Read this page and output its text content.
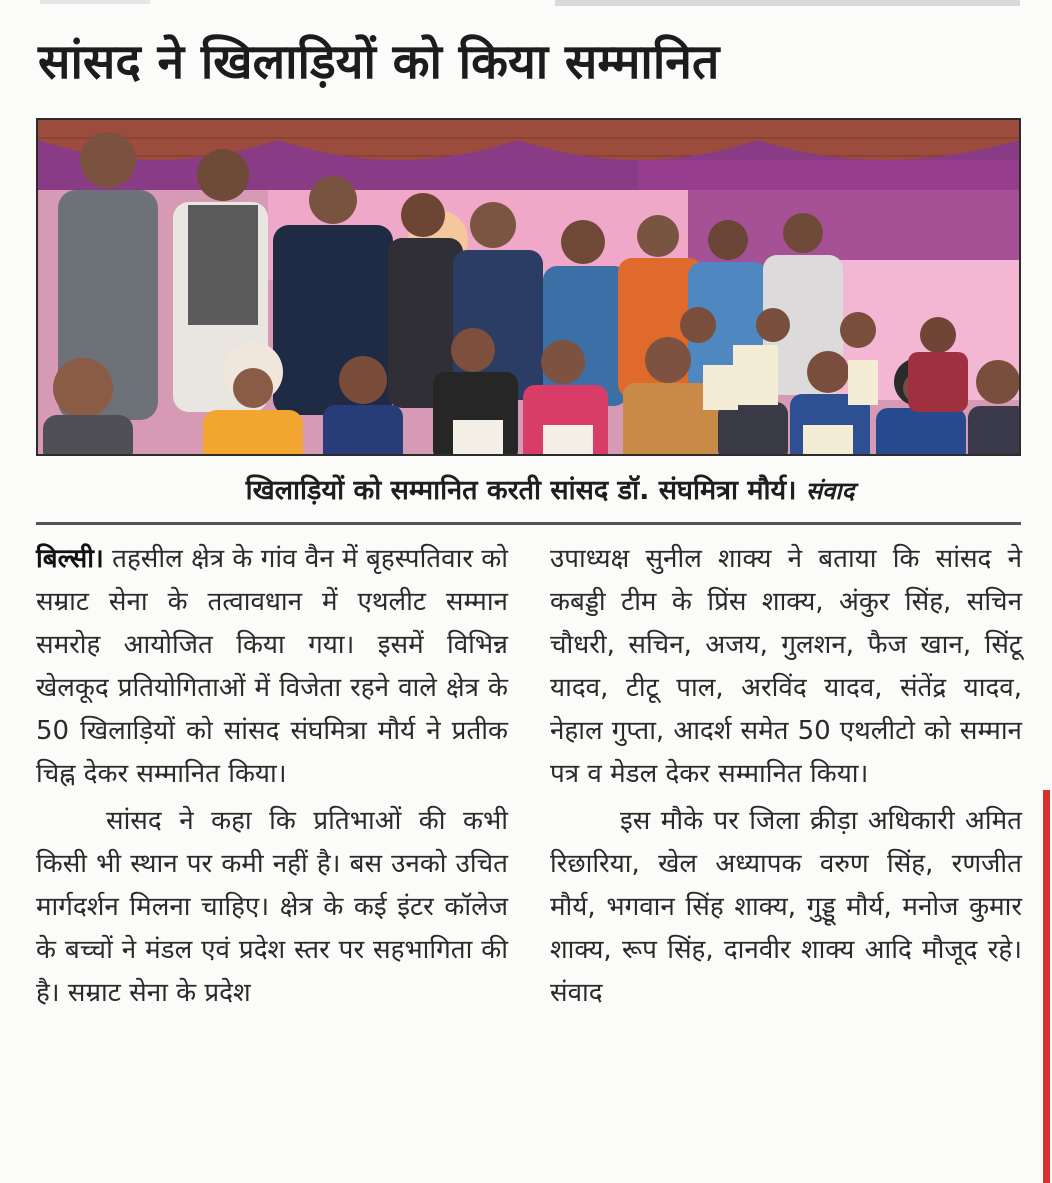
सांसद ने खिलाड़ियों को किया सम्मानित
खिलाड़ियों को सम्मानित करती सांसद डॉ. संघमित्रा मौर्य। संवाद

बिल्सी। तहसील क्षेत्र के गांव वैन में बृहस्पतिवार को सम्राट सेना के तत्वावधान में एथलीट सम्मान समरोह आयोजित किया गया। इसमें विभिन्न खेलकूद प्रतियोगिताओं में विजेता रहने वाले क्षेत्र के 50 खिलाड़ियों को सांसद संघमित्रा मौर्य ने प्रतीक चिह्न देकर सम्मानित किया।

सांसद ने कहा कि प्रतिभाओं की कभी किसी भी स्थान पर कमी नहीं है। बस उनको उचित मार्गदर्शन मिलना चाहिए। क्षेत्र के कई इंटर कॉलेज के बच्चों ने मंडल एवं प्रदेश स्तर पर सहभागिता की है। सम्राट सेना के प्रदेश

उपाध्यक्ष सुनील शाक्य ने बताया कि सांसद ने कबड्डी टीम के प्रिंस शाक्य, अंकुर सिंह, सचिन चौधरी, सचिन, अजय, गुलशन, फैज खान, सिंटू यादव, टीटू पाल, अरविंद यादव, संतेंद्र यादव, नेहाल गुप्ता, आदर्श समेत 50 एथलीटो को सम्मान पत्र व मेडल देकर सम्मानित किया।

इस मौके पर जिला क्रीड़ा अधिकारी अमित रिछारिया, खेल अध्यापक वरुण सिंह, रणजीत मौर्य, भगवान सिंह शाक्य, गुड्डू मौर्य, मनोज कुमार शाक्य, रूप सिंह, दानवीर शाक्य आदि मौजूद रहे। संवाद
